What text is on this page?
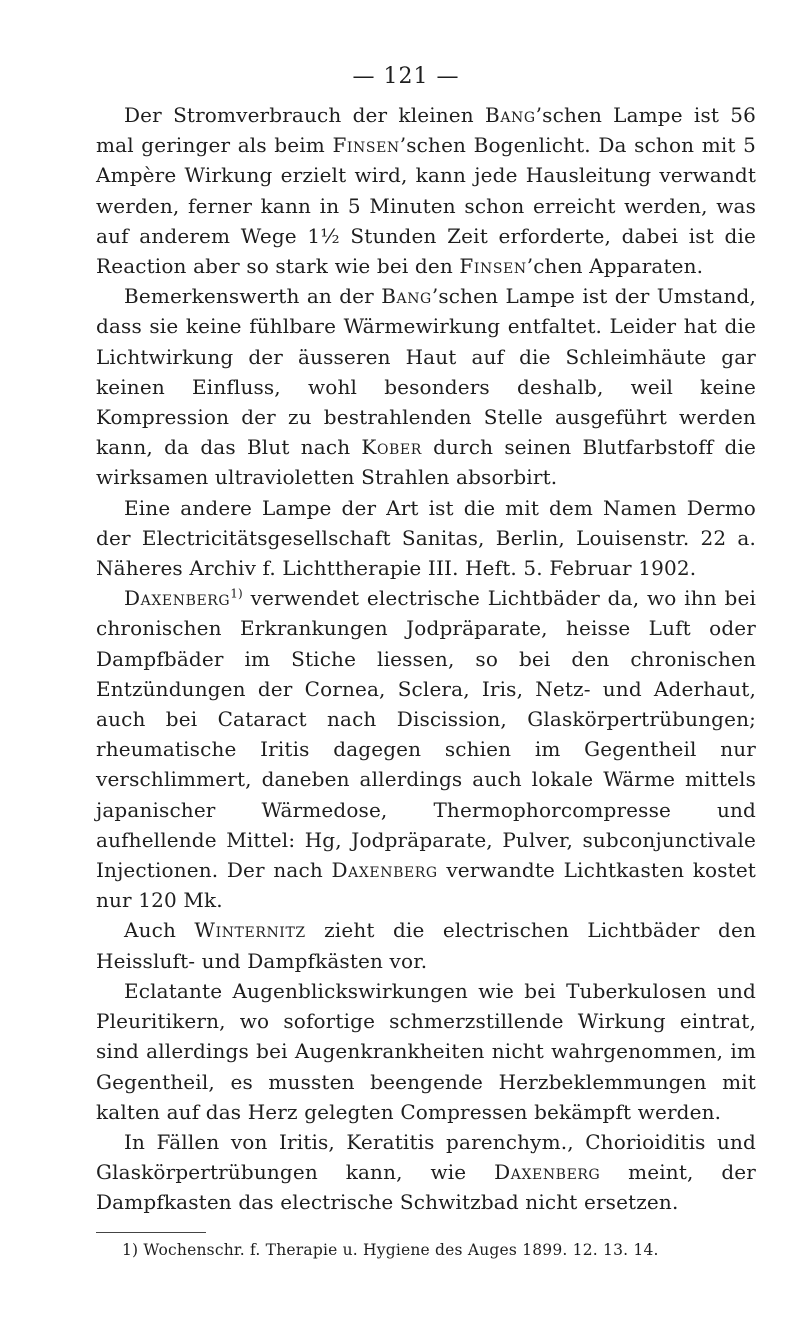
— 121 —

Der Stromverbrauch der kleinen Bang’schen Lampe ist 56 mal geringer als beim Finsen’schen Bogenlicht. Da schon mit 5 Ampère Wirkung erzielt wird, kann jede Hausleitung verwandt werden, ferner kann in 5 Minuten schon erreicht werden, was auf anderem Wege 1½ Stunden Zeit erforderte, dabei ist die Reaction aber so stark wie bei den Finsen’chen Apparaten.

Bemerkenswerth an der Bang’schen Lampe ist der Umstand, dass sie keine fühlbare Wärmewirkung entfaltet. Leider hat die Lichtwirkung der äusseren Haut auf die Schleimhäute gar keinen Einfluss, wohl besonders deshalb, weil keine Kompression der zu bestrahlenden Stelle ausgeführt werden kann, da das Blut nach Kober durch seinen Blutfarbstoff die wirksamen ultravioletten Strahlen absorbirt.

Eine andere Lampe der Art ist die mit dem Namen Dermo der Electricitätsgesellschaft Sanitas, Berlin, Louisenstr. 22 a. Näheres Archiv f. Lichttherapie III. Heft. 5. Februar 1902.

Daxenberg$^{1)}$ verwendet electrische Lichtbäder da, wo ihn bei chronischen Erkrankungen Jodpräparate, heisse Luft oder Dampfbäder im Stiche liessen, so bei den chronischen Entzündungen der Cornea, Sclera, Iris, Netz- und Aderhaut, auch bei Cataract nach Discission, Glaskörpertrübungen; rheumatische Iritis dagegen schien im Gegentheil nur verschlimmert, daneben allerdings auch lokale Wärme mittels japanischer Wärmedose, Thermophorcompresse und aufhellende Mittel: Hg, Jodpräparate, Pulver, subconjunctivale Injectionen. Der nach Daxenberg verwandte Lichtkasten kostet nur 120 Mk.

Auch Winternitz zieht die electrischen Lichtbäder den Heissluft- und Dampfkästen vor.

Eclatante Augenblickswirkungen wie bei Tuberkulosen und Pleuritikern, wo sofortige schmerzstillende Wirkung eintrat, sind allerdings bei Augenkrankheiten nicht wahrgenommen, im Gegentheil, es mussten beengende Herzbeklemmungen mit kalten auf das Herz gelegten Compressen bekämpft werden.

In Fällen von Iritis, Keratitis parenchym., Chorioiditis und Glaskörpertrübungen kann, wie Daxenberg meint, der Dampfkasten das electrische Schwitzbad nicht ersetzen.

1) Wochenschr. f. Therapie u. Hygiene des Auges 1899. 12. 13. 14.
